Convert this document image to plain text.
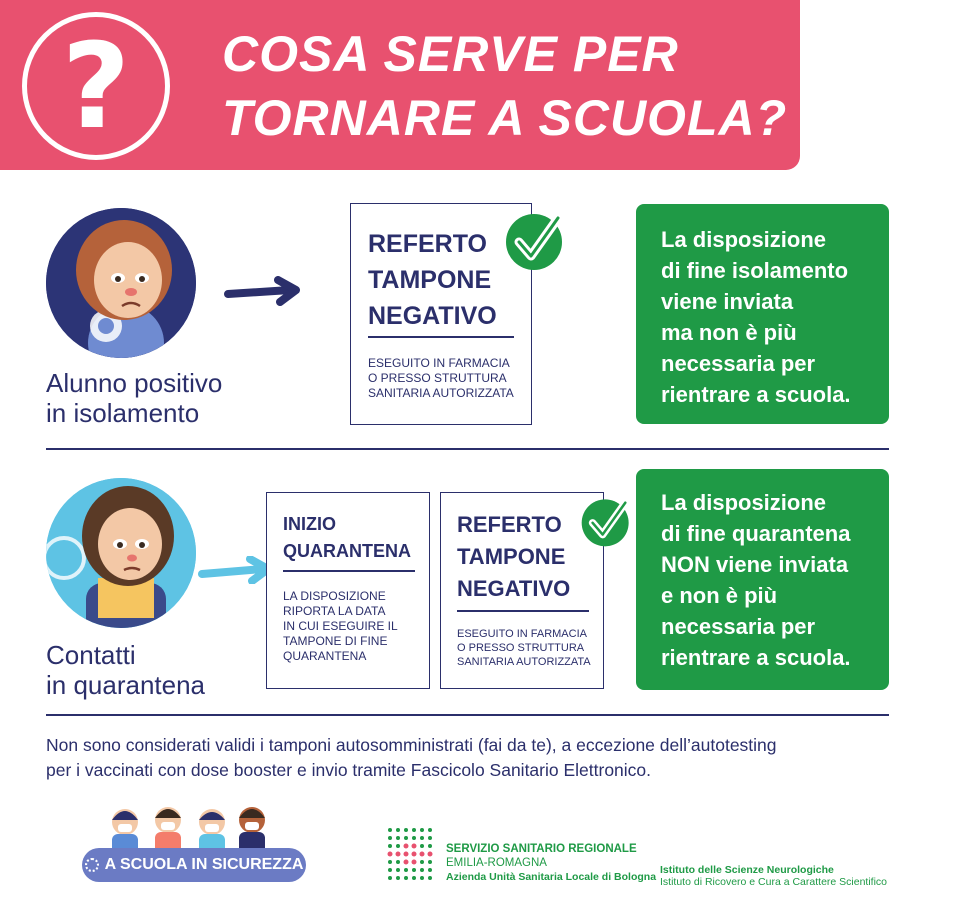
? COSA SERVE PER
TORNARE A SCUOLA?
Alunno positivo
in isolamento
REFERTO
TAMPONE
NEGATIVO
ESEGUITO IN FARMACIA
O PRESSO STRUTTURA
SANITARIA AUTORIZZATA
La disposizione
di fine isolamento
viene inviata
ma non è più
necessaria per
rientrare a scuola.
Contatti
in quarantena
INIZIO
QUARANTENA
LA DISPOSIZIONE
RIPORTA LA DATA
IN CUI ESEGUIRE IL
TAMPONE DI FINE
QUARANTENA
REFERTO
TAMPONE
NEGATIVO
ESEGUITO IN FARMACIA
O PRESSO STRUTTURA
SANITARIA AUTORIZZATA
La disposizione
di fine quarantena
NON viene inviata
e non è più
necessaria per
rientrare a scuola.
Non sono considerati validi i tamponi autosomministrati (fai da te), a eccezione dell’autotesting
per i vaccinati con dose booster e invio tramite Fascicolo Sanitario Elettronico.
A SCUOLA IN SICUREZZA
SERVIZIO SANITARIO REGIONALE
EMILIA-ROMAGNA
Azienda Unità Sanitaria Locale di Bologna
Istituto delle Scienze Neurologiche
Istituto di Ricovero e Cura a Carattere Scientifico
